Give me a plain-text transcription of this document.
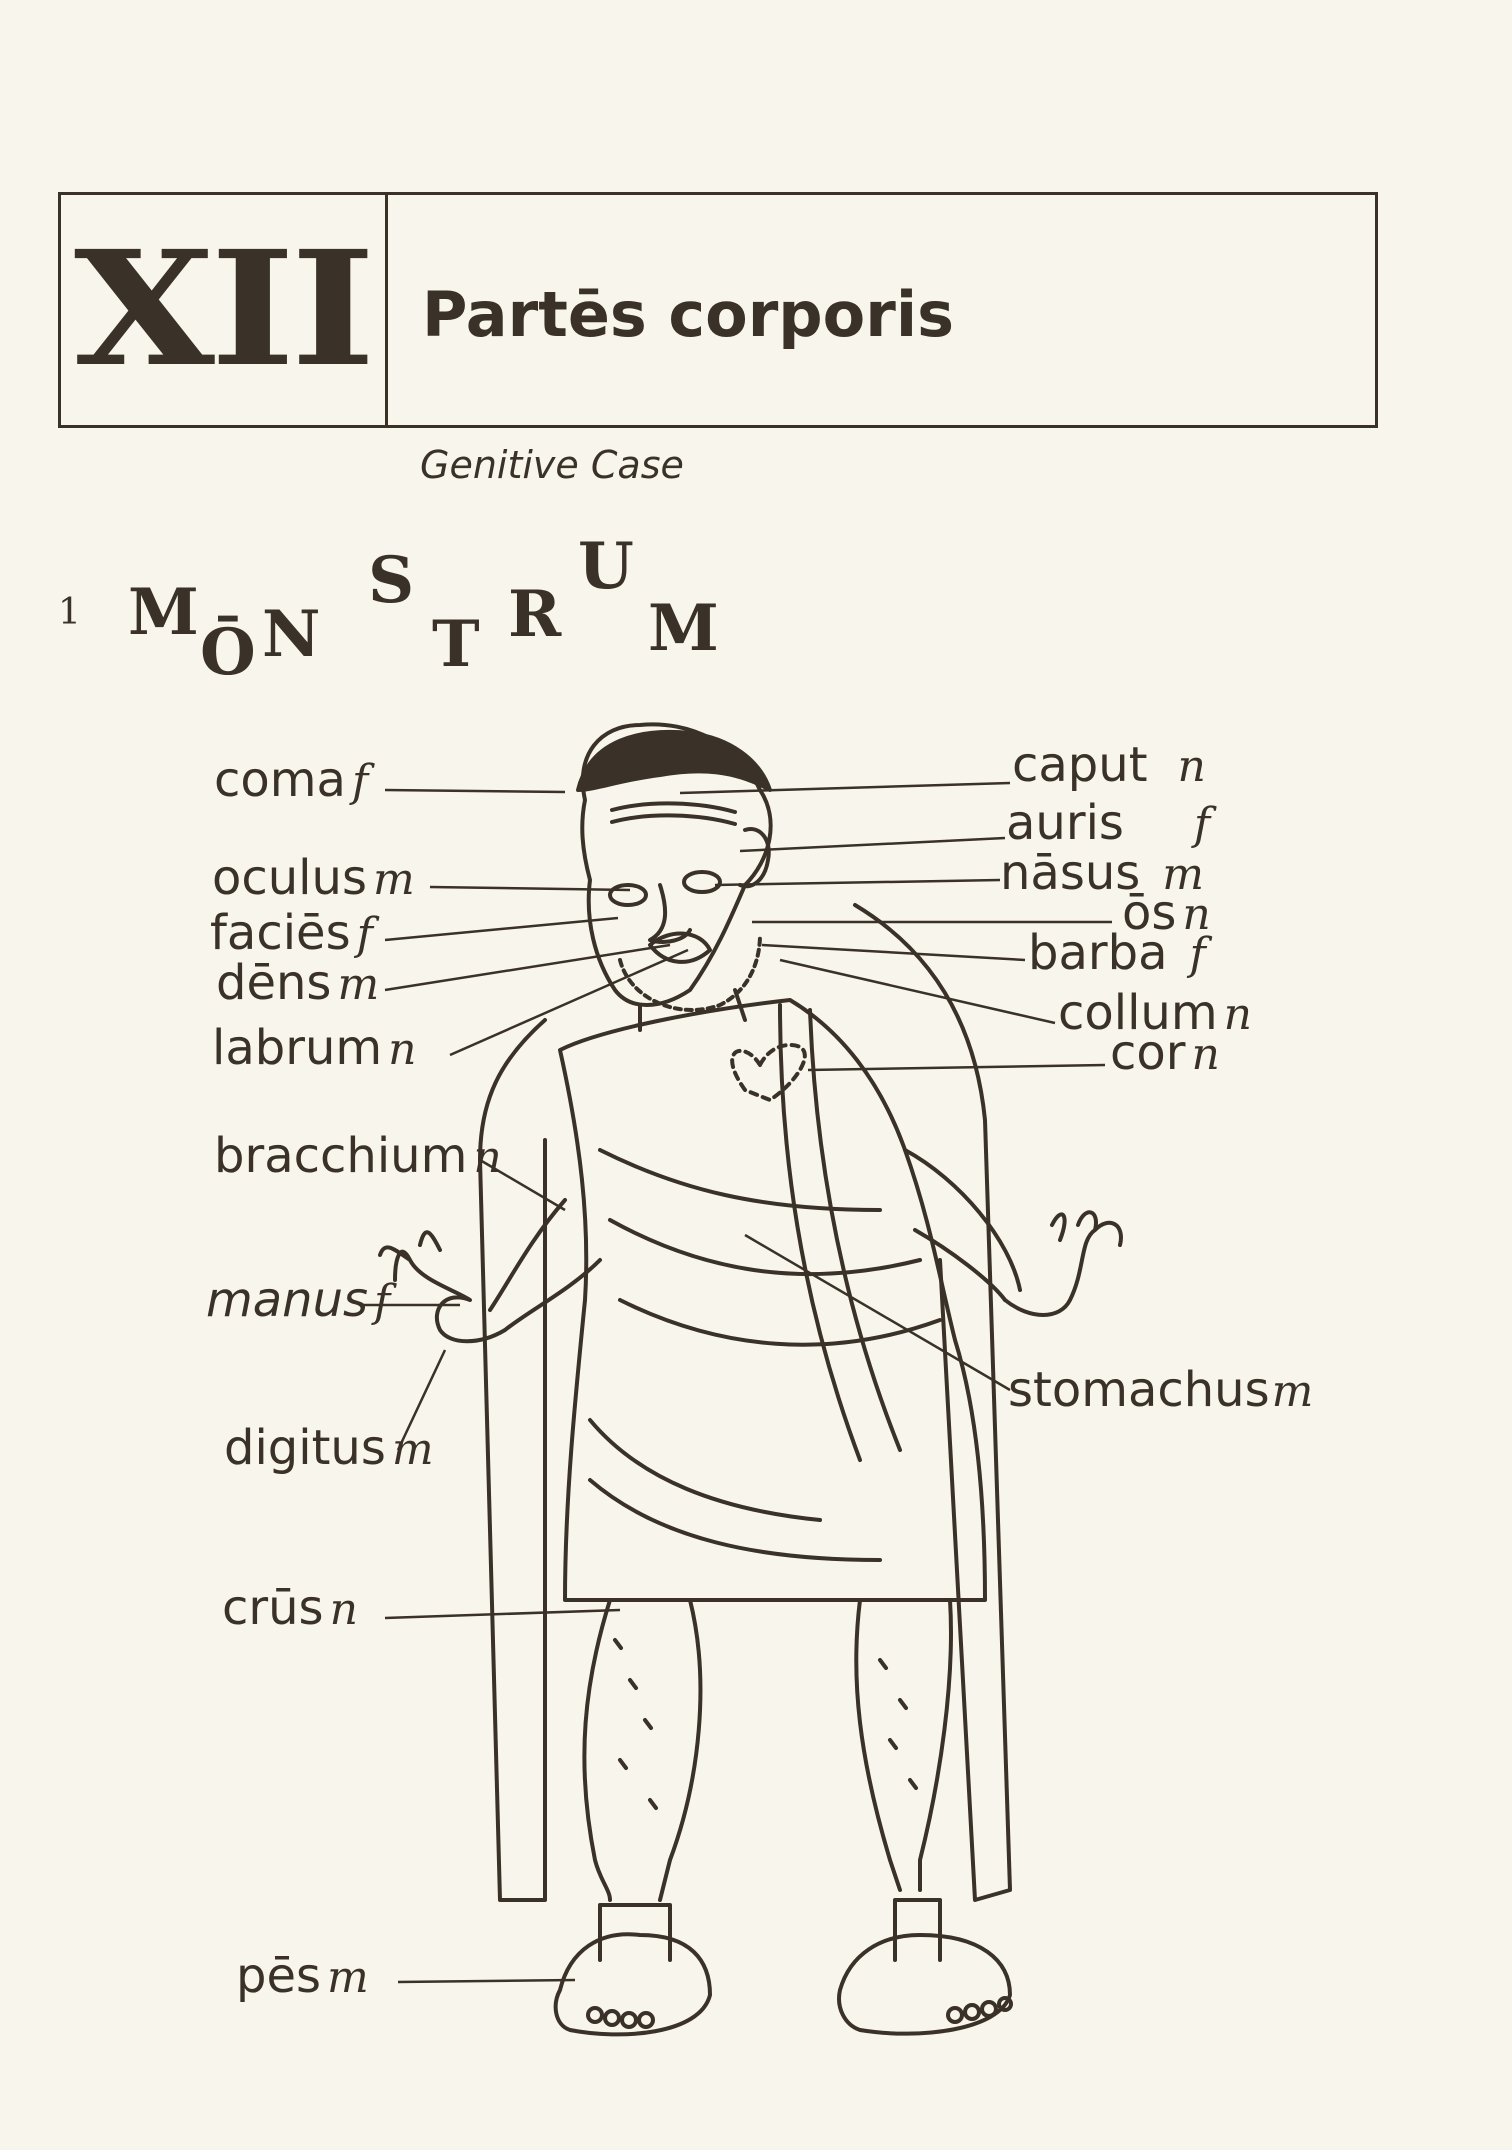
XII Partēs corporis
Genitive Case
1 M
Ō N
S
T R
U
M
coma f
oculus m
faciēs f
dēns m
labrum n
bracchium n
manus f
digitus m
crūs n
pēs m
caput n
auris f
nāsus m
ōs n
barba f
collum n
cor n
stomachusm
